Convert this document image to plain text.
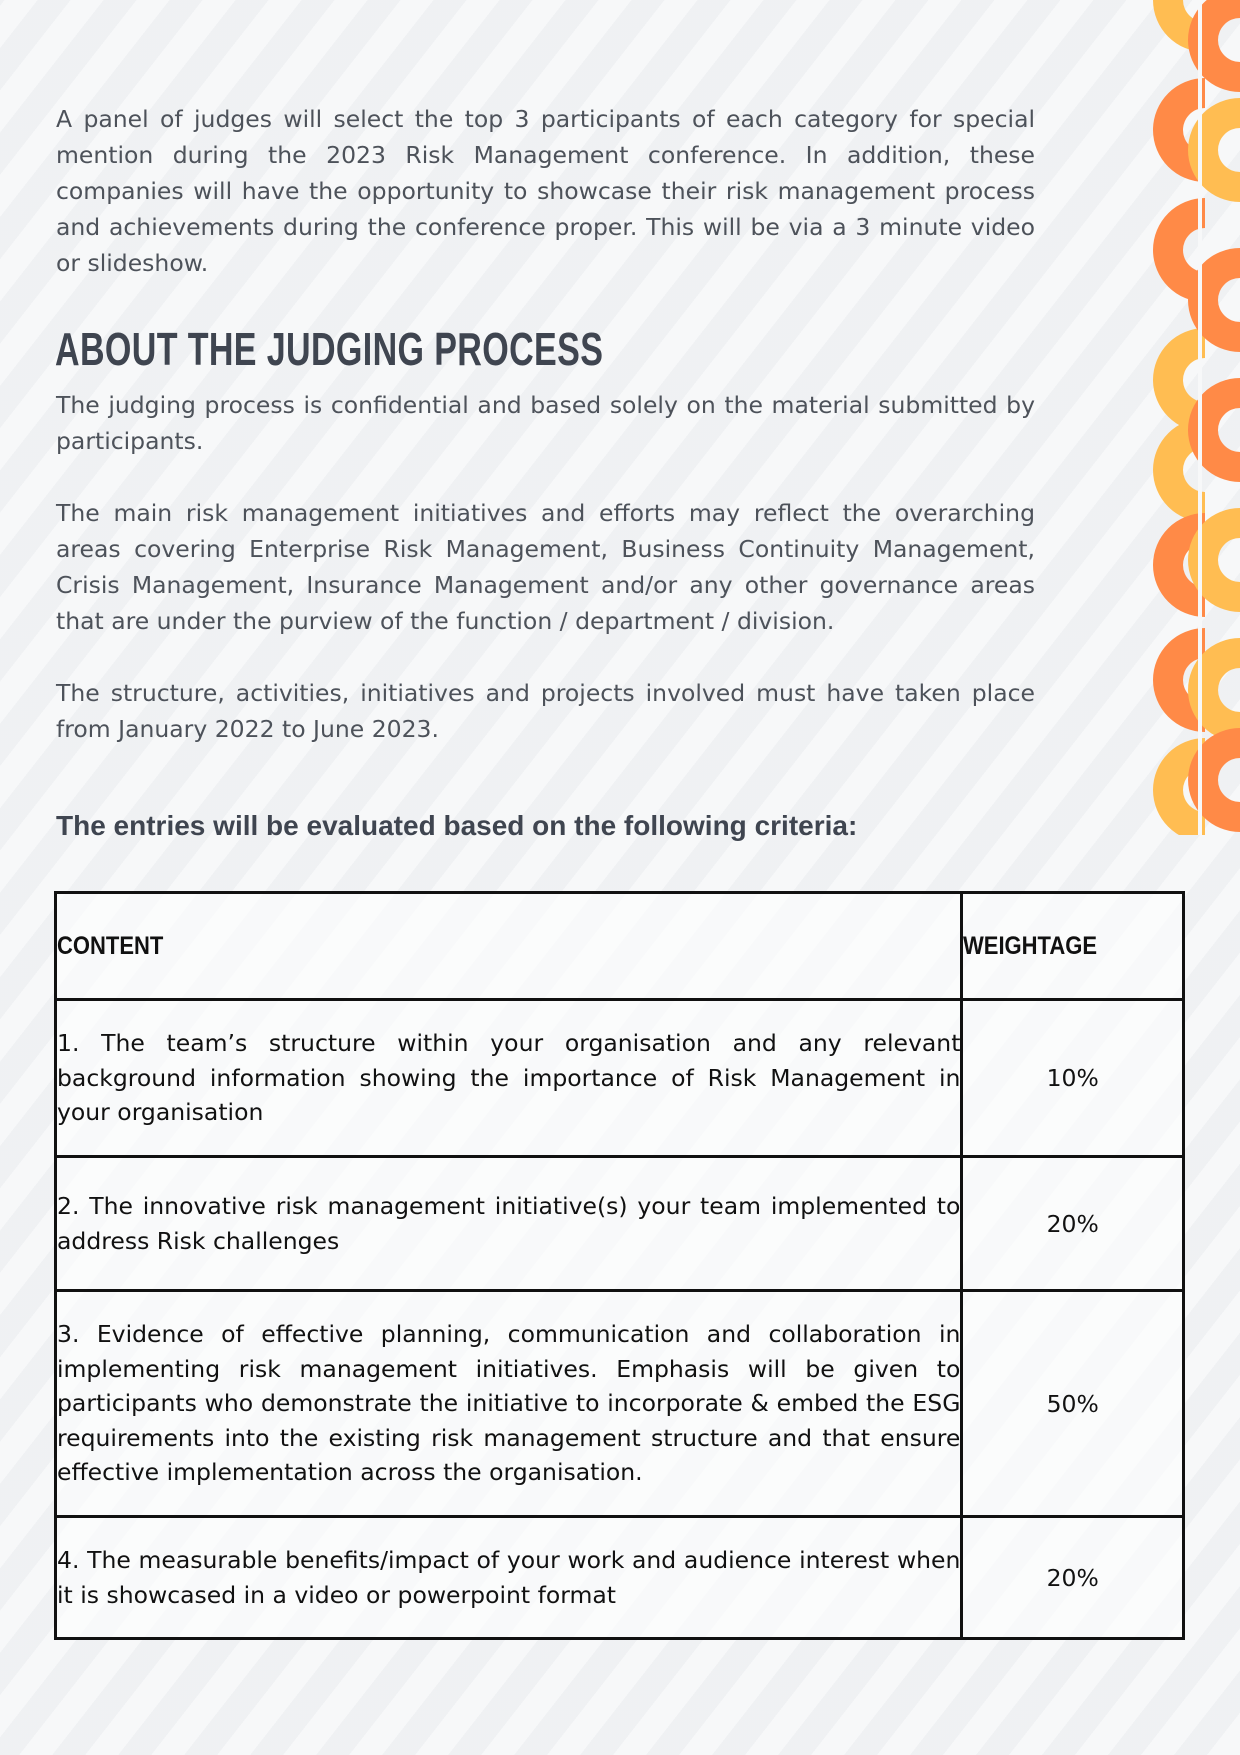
A panel of judges will select the top 3 participants of each category for special mention during the 2023 Risk Management conference. In addition, these companies will have the opportunity to showcase their risk management process and achievements during the conference proper. This will be via a 3 minute video or slideshow.

ABOUT THE JUDGING PROCESS

The judging process is confidential and based solely on the material submitted by participants.

The main risk management initiatives and efforts may reflect the overarching areas covering Enterprise Risk Management, Business Continuity Management, Crisis Management, Insurance Management and/or any other governance areas that are under the purview of the function / department / division.

The structure, activities, initiatives and projects involved must have taken place from January 2022 to June 2023.

The entries will be evaluated based on the following criteria:
CONTENT	WEIGHTAGE
1. The team’s structure within your organisation and any relevant background information showing the importance of Risk Management in your organisation	10%
2. The innovative risk management initiative(s) your team implemented to address Risk challenges	20%
3. Evidence of effective planning, communication and collaboration in implementing risk management initiatives. Emphasis will be given to participants who demonstrate the initiative to incorporate & embed the ESG requirements into the existing risk management structure and that ensure effective implementation across the organisation.	50%
4. The measurable benefits/impact of your work and audience interest when it is showcased in a video or powerpoint format	20%
